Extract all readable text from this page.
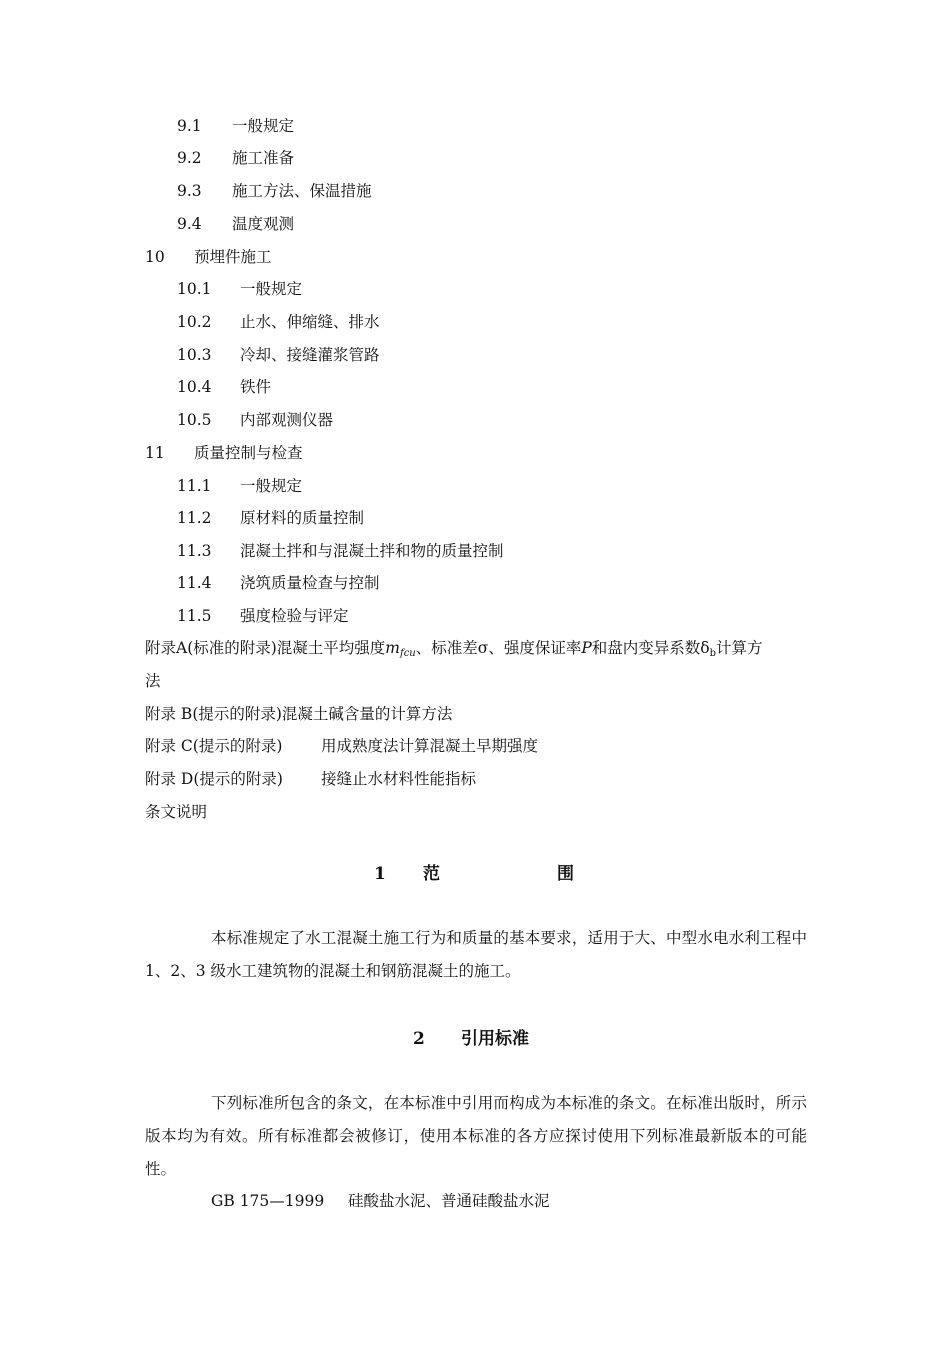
9.1 一般规定
9.2 施工准备
9.3 施工方法、保温措施
9.4 温度观测
10 预埋件施工
10.1 一般规定
10.2 止水、伸缩缝、排水
10.3 冷却、接缝灌浆管路
10.4 铁件
10.5 内部观测仪器
11 质量控制与检查
11.1 一般规定
11.2 原材料的质量控制
11.3 混凝土拌和与混凝土拌和物的质量控制
11.4 浇筑质量检查与控制
11.5 强度检验与评定
附录A(标准的附录)混凝土平均强度$m_{fcu}$、标准差σ、强度保证率P和盘内变异系数$\delta_b$计算方
法
附录 B(提示的附录)混凝土碱含量的计算方法
附录 C(提示的附录) 用成熟度法计算混凝土早期强度
附录 D(提示的附录) 接缝止水材料性能指标
条文说明
1 范	围
本标准规定了水工混凝土施工行为和质量的基本要求，适用于大、中型水电水利工程中 1、2、3 级水工建筑物的混凝土和钢筋混凝土的施工。
2 引用标准
下列标准所包含的条文，在本标准中引用而构成为本标准的条文。在标准出版时，所示版本均为有效。所有标准都会被修订，使用本标准的各方应探讨使用下列标准最新版本的可能性。
GB 175—1999 硅酸盐水泥、普通硅酸盐水泥
